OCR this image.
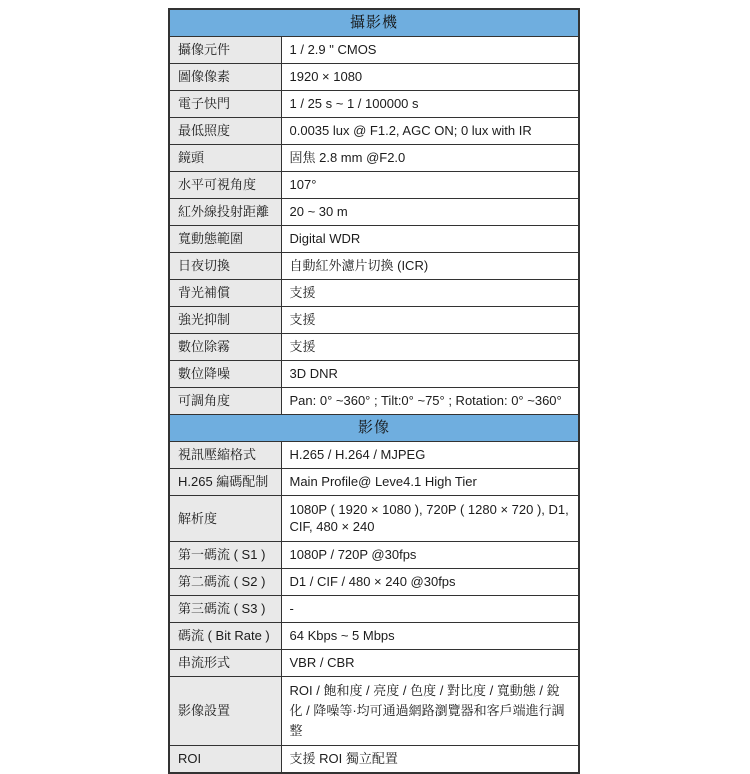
攝影機	
攝像元件	1 / 2.9 " CMOS
圖像像素	1920 × 1080
電子快門	1 / 25 s ~ 1 / 100000 s
最低照度	0.0035 lux @ F1.2, AGC ON; 0 lux with IR
鏡頭	固焦 2.8 mm @F2.0
水平可視角度	107°
紅外線投射距離	20 ~ 30 m
寬動態範圍	Digital WDR
日夜切換	自動紅外濾片切換 (ICR)
背光補償	支援
強光抑制	支援
數位除霧	支援
數位降噪	3D DNR
可調角度	Pan: 0° ~360° ; Tilt:0° ~75° ; Rotation: 0° ~360°
影像	
視訊壓縮格式	H.265 / H.264 / MJPEG
H.265 編碼配制	Main Profile@ Leve4.1 High Tier
解析度	1080P ( 1920 × 1080 ), 720P ( 1280 × 720 ), D1, CIF, 480 × 240
第一碼流 ( S1 )	1080P / 720P @30fps
第二碼流 ( S2 )	D1 / CIF / 480 × 240 @30fps
第三碼流 ( S3 )	-
碼流 ( Bit Rate )	64 Kbps ~ 5 Mbps
串流形式	VBR / CBR
影像設置	ROI / 飽和度 / 亮度 / 色度 / 對比度 / 寬動態 / 銳化 / 降噪等·均可通過網路瀏覽器和客戶端進行調整
ROI	支援 ROI 獨立配置
